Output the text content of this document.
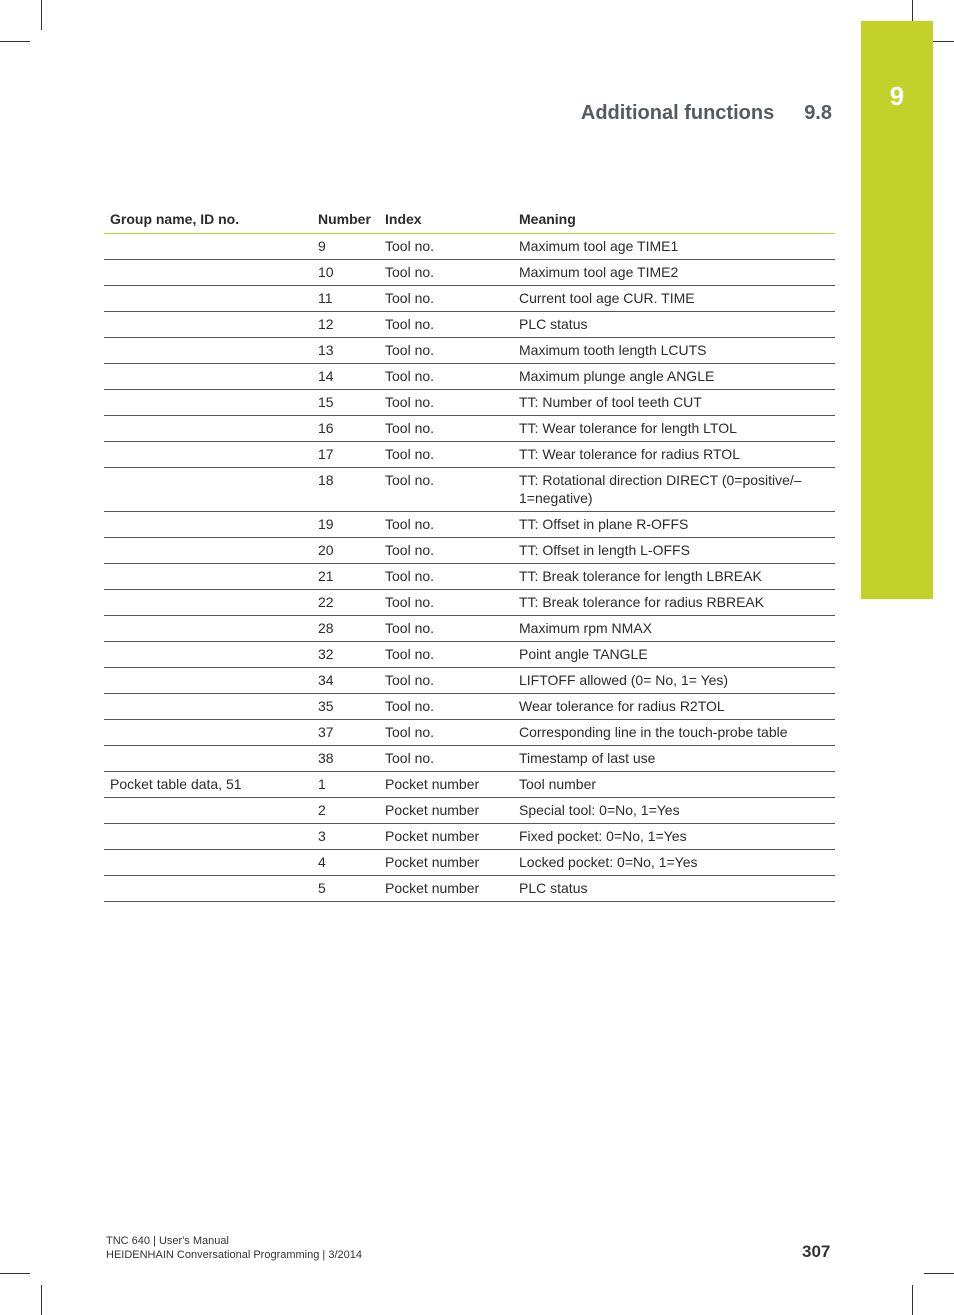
9
Additional functions 9.8
Group name, ID no.	Number	Index	Meaning
	9	Tool no.	Maximum tool age TIME1
	10	Tool no.	Maximum tool age TIME2
	11	Tool no.	Current tool age CUR. TIME
	12	Tool no.	PLC status
	13	Tool no.	Maximum tooth length LCUTS
	14	Tool no.	Maximum plunge angle ANGLE
	15	Tool no.	TT: Number of tool teeth CUT
	16	Tool no.	TT: Wear tolerance for length LTOL
	17	Tool no.	TT: Wear tolerance for radius RTOL
	18	Tool no.	TT: Rotational direction DIRECT (0=positive/–1=negative)
	19	Tool no.	TT: Offset in plane R-OFFS
	20	Tool no.	TT: Offset in length L-OFFS
	21	Tool no.	TT: Break tolerance for length LBREAK
	22	Tool no.	TT: Break tolerance for radius RBREAK
	28	Tool no.	Maximum rpm NMAX
	32	Tool no.	Point angle TANGLE
	34	Tool no.	LIFTOFF allowed (0= No, 1= Yes)
	35	Tool no.	Wear tolerance for radius R2TOL
	37	Tool no.	Corresponding line in the touch-probe table
	38	Tool no.	Timestamp of last use
Pocket table data, 51	1	Pocket number	Tool number
	2	Pocket number	Special tool: 0=No, 1=Yes
	3	Pocket number	Fixed pocket: 0=No, 1=Yes
	4	Pocket number	Locked pocket: 0=No, 1=Yes
	5	Pocket number	PLC status
TNC 640 | User's Manual
HEIDENHAIN Conversational Programming | 3/2014	307
